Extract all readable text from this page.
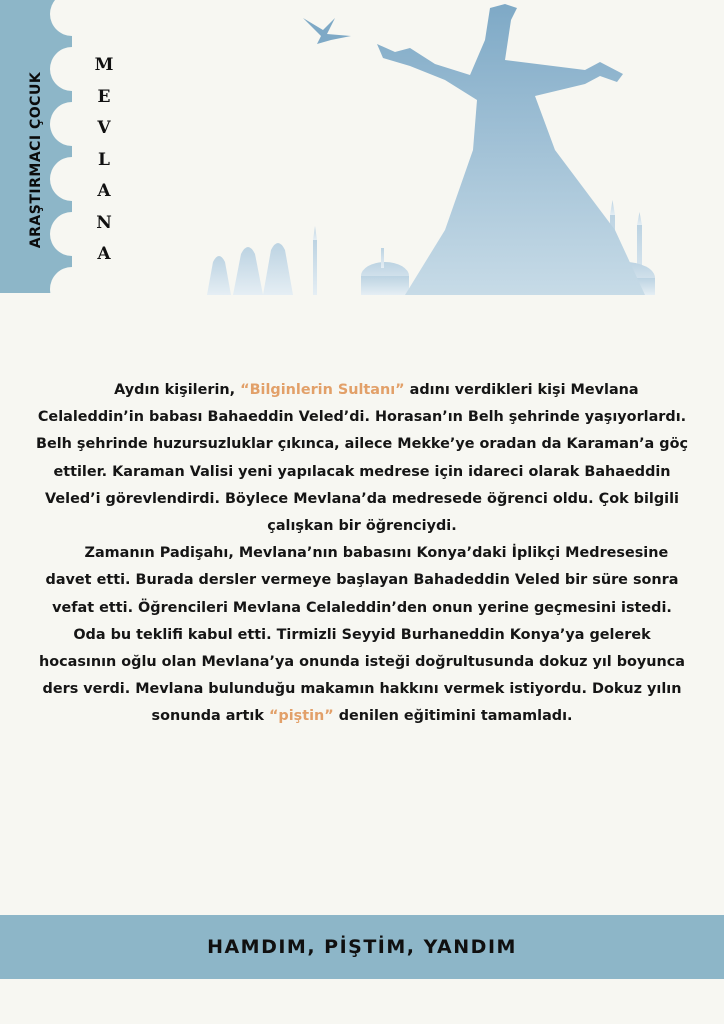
ARAŞTIRMACI ÇOCUK
M
E
V
L
A
N
A

  Aydın kişilerin, “Bilginlerin Sultanı” adını verdikleri kişi Mevlana Celaleddin’in babası Bahaeddin Veled’di. Horasan’ın Belh şehrinde yaşıyorlardı. Belh şehrinde huzursuzluklar çıkınca, ailece Mekke’ye oradan da Karaman’a göç ettiler. Karaman Valisi yeni yapılacak medrese için idareci olarak Bahaeddin Veled’i görevlendirdi. Böylece Mevlana’da medresede öğrenci oldu. Çok bilgili çalışkan bir öğrenciydi.

  Zamanın Padişahı, Mevlana’nın babasını Konya’daki İplikçi Medresesine davet etti. Burada dersler vermeye başlayan Bahadeddin Veled bir süre sonra vefat etti. Öğrencileri Mevlana Celaleddin’den onun yerine geçmesini istedi. Oda bu teklifi kabul etti. Tirmizli Seyyid Burhaneddin Konya’ya gelerek hocasının oğlu olan Mevlana’ya onunda isteği doğrultusunda dokuz yıl boyunca ders verdi. Mevlana bulunduğu makamın hakkını vermek istiyordu. Dokuz yılın sonunda artık “piştin” denilen eğitimini tamamladı.

HAMDIM, PİŞTİM, YANDIM
